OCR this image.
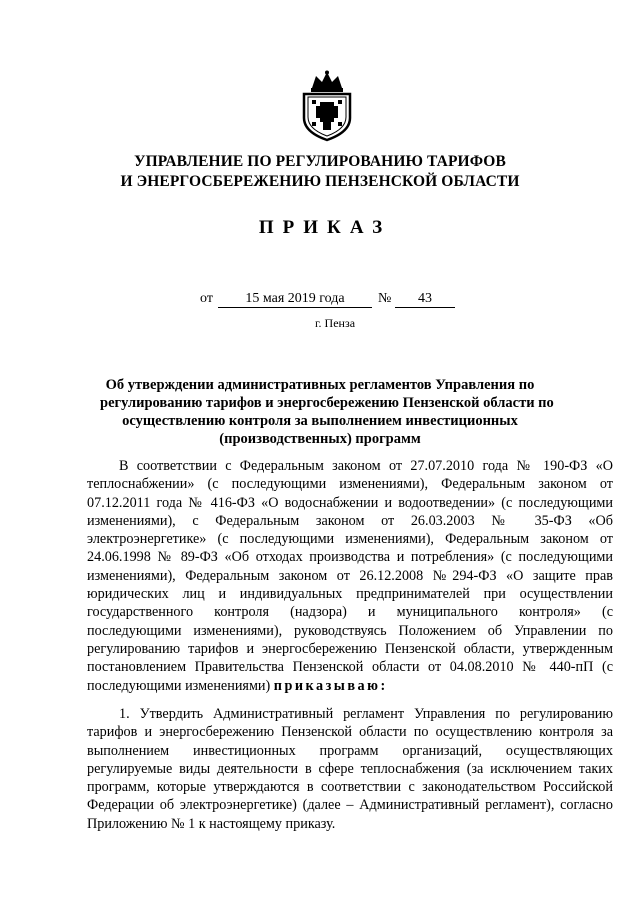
УПРАВЛЕНИЕ ПО РЕГУЛИРОВАНИЮ ТАРИФОВ
И ЭНЕРГОСБЕРЕЖЕНИЮ ПЕНЗЕНСКОЙ ОБЛАСТИ
ПРИКАЗ
от	15 мая 2019 года	№	43
г. Пенза
Об утверждении административных регламентов Управления по
регулированию тарифов и энергосбережению Пензенской области по
осуществлению контроля за выполнением инвестиционных
(производственных) программ
В соответствии с Федеральным законом от 27.07.2010 года № 190-ФЗ «О
теплоснабжении» (с последующими изменениями), Федеральным законом от
07.12.2011 года № 416-ФЗ «О водоснабжении и водоотведении» (с последующими
изменениями), с Федеральным законом от 26.03.2003 № 35-ФЗ «Об
электроэнергетике» (с последующими изменениями), Федеральным законом от
24.06.1998 № 89-ФЗ «Об отходах производства и потребления» (с последующими
изменениями), Федеральным законом от 26.12.2008 №294-ФЗ «О защите прав
юридических лиц и индивидуальных предпринимателей при осуществлении
государственного контроля (надзора) и муниципального контроля» (с
последующими изменениями), руководствуясь Положением об Управлении по
регулированию тарифов и энергосбережению Пензенской области, утвержденным
постановлением Правительства Пензенской области от 04.08.2010 № 440-пП (с
последующими изменениями) приказываю:
1. Утвердить Административный регламент Управления по регулированию
тарифов и энергосбережению Пензенской области по осуществлению контроля за
выполнением инвестиционных программ организаций, осуществляющих
регулируемые виды деятельности в сфере теплоснабжения (за исключением таких
программ, которые утверждаются в соответствии с законодательством Российской
Федерации об электроэнергетике) (далее – Административный регламент), согласно
Приложению № 1 к настоящему приказу.
